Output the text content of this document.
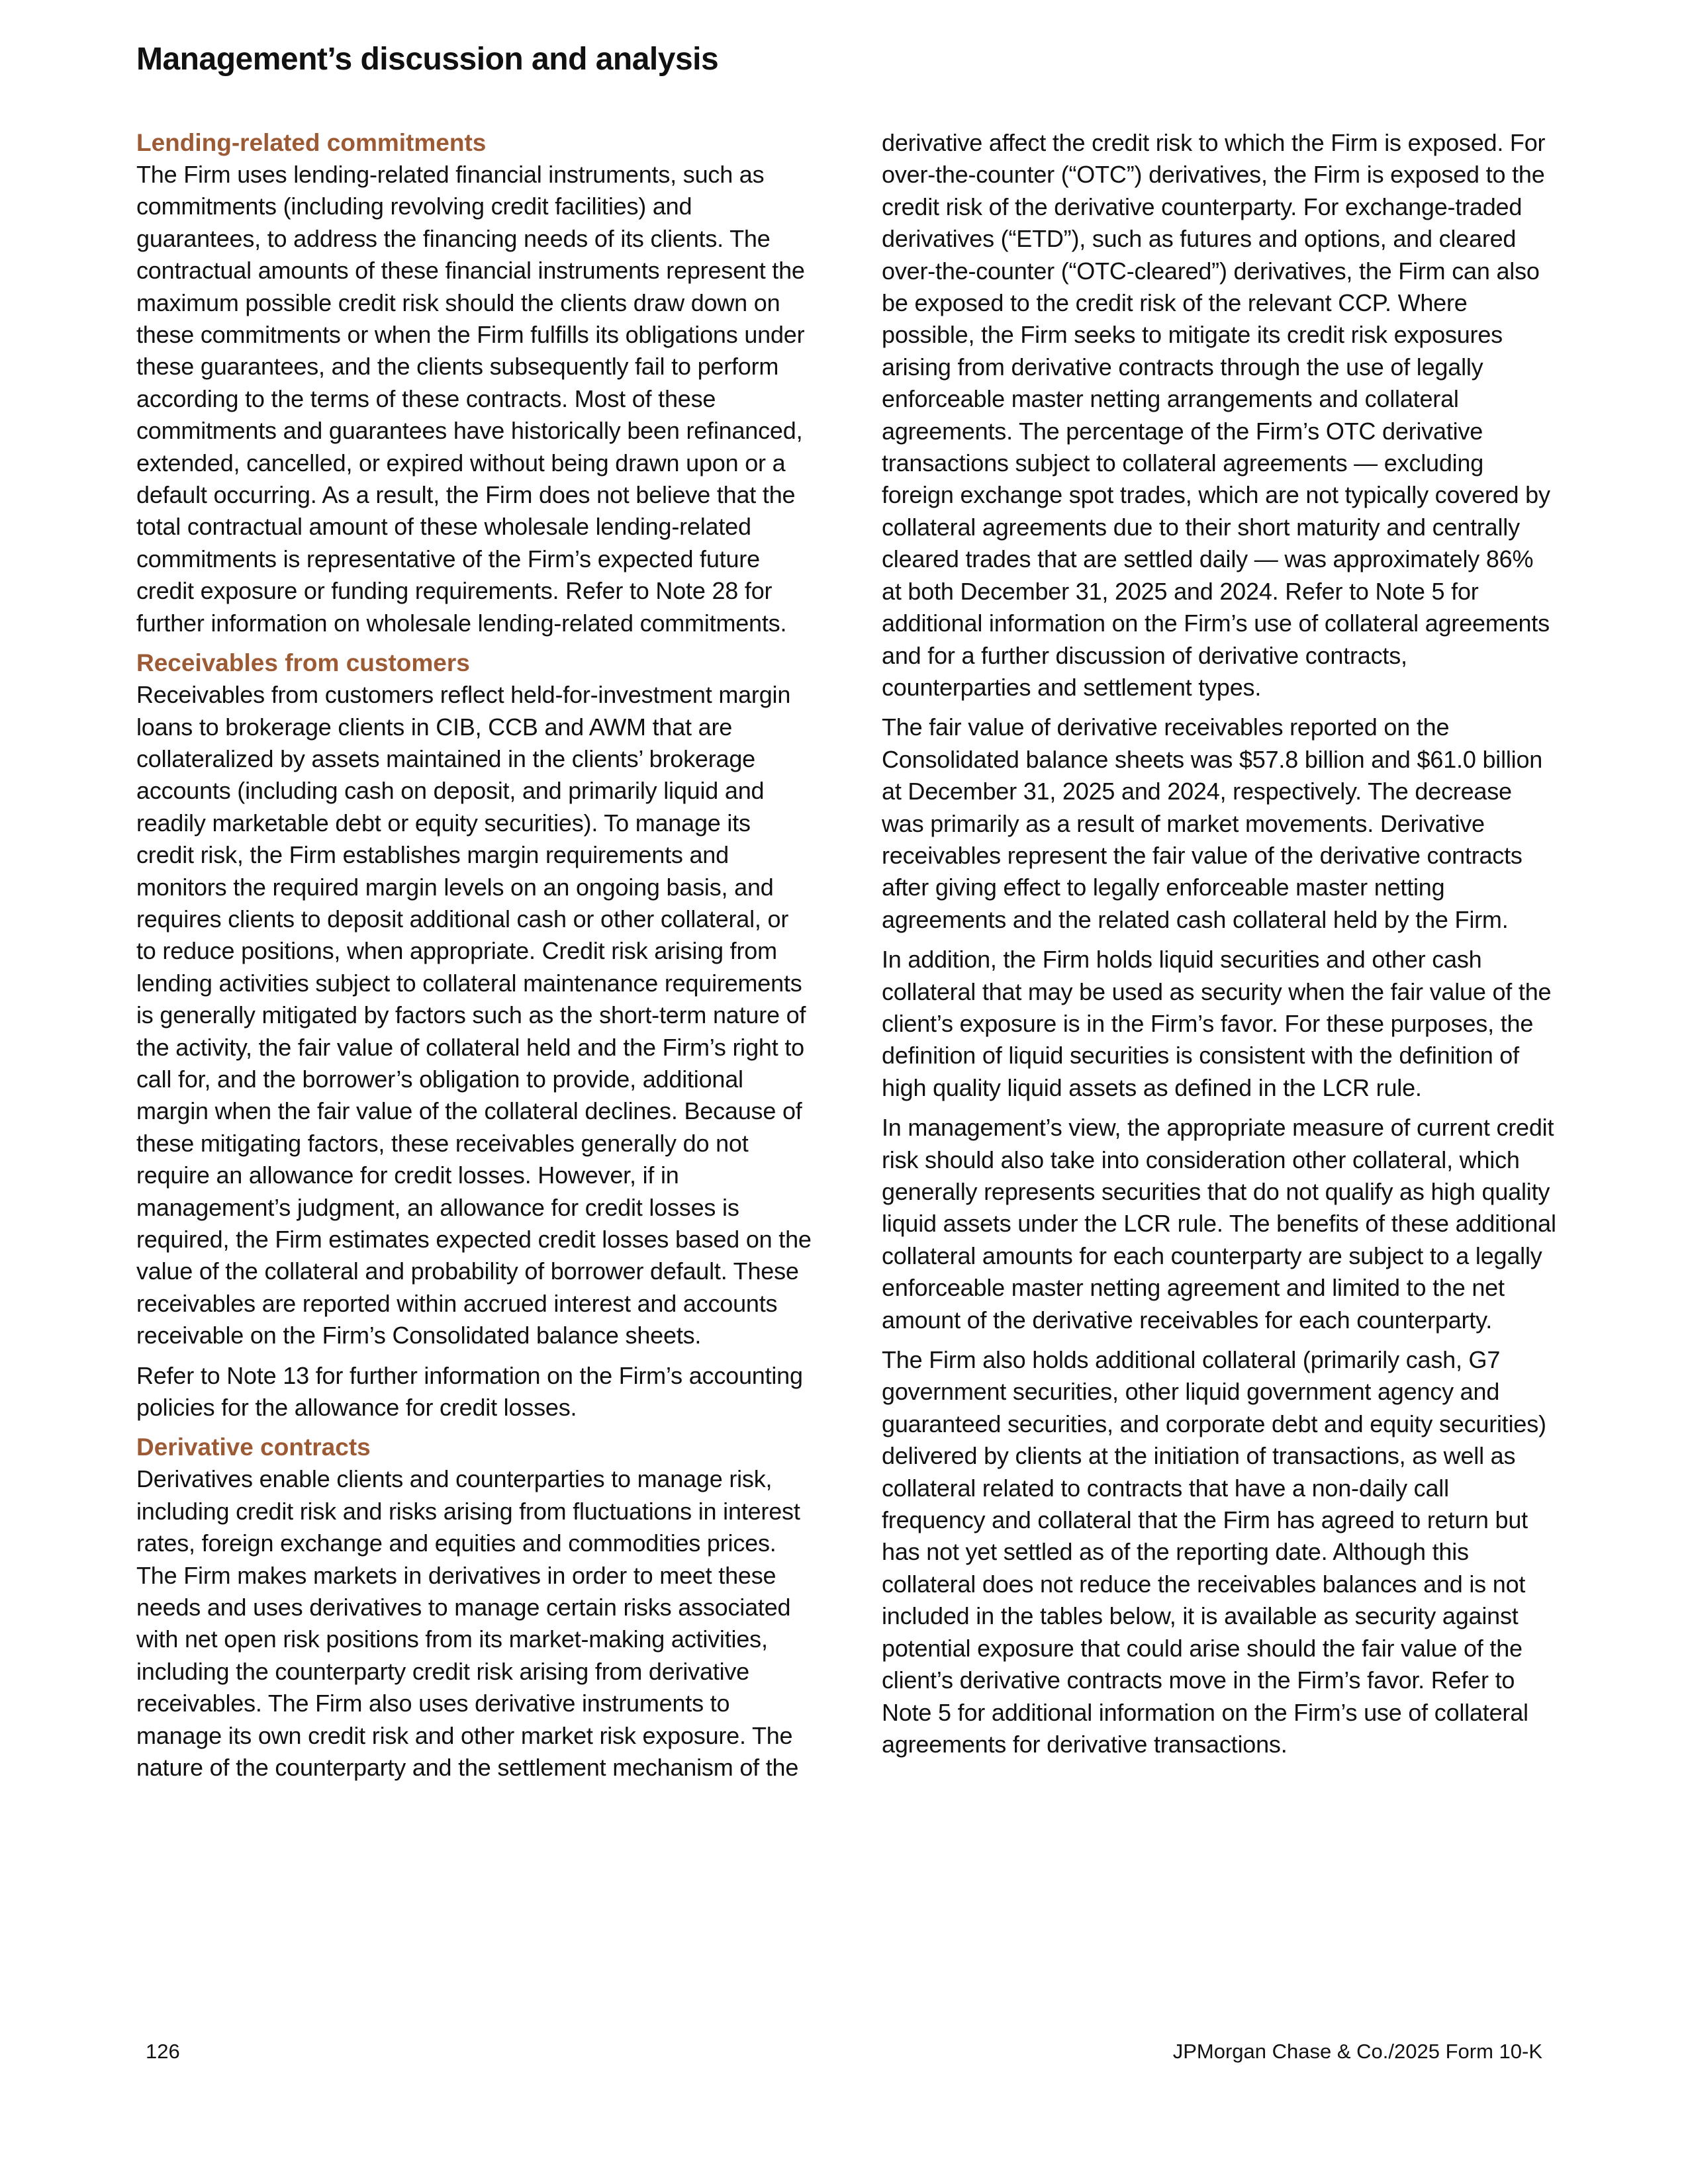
Management’s discussion and analysis
Lending-related commitments

The Firm uses lending-related financial instruments, such as commitments (including revolving credit facilities) and guarantees, to address the financing needs of its clients. The contractual amounts of these financial instruments represent the maximum possible credit risk should the clients draw down on these commitments or when the Firm fulfills its obligations under these guarantees, and the clients subsequently fail to perform according to the terms of these contracts. Most of these commitments and guarantees have historically been refinanced, extended, cancelled, or expired without being drawn upon or a default occurring. As a result, the Firm does not believe that the total contractual amount of these wholesale lending-related commitments is representative of the Firm’s expected future credit exposure or funding requirements. Refer to Note 28 for further information on wholesale lending-related commitments.

Receivables from customers

Receivables from customers reflect held-for-investment margin loans to brokerage clients in CIB, CCB and AWM that are collateralized by assets maintained in the clients’ brokerage accounts (including cash on deposit, and primarily liquid and readily marketable debt or equity securities). To manage its credit risk, the Firm establishes margin requirements and monitors the required margin levels on an ongoing basis, and requires clients to deposit additional cash or other collateral, or to reduce positions, when appropriate. Credit risk arising from lending activities subject to collateral maintenance requirements is generally mitigated by factors such as the short-term nature of the activity, the fair value of collateral held and the Firm’s right to call for, and the borrower’s obligation to provide, additional margin when the fair value of the collateral declines. Because of these mitigating factors, these receivables generally do not require an allowance for credit losses. However, if in management’s judgment, an allowance for credit losses is required, the Firm estimates expected credit losses based on the value of the collateral and probability of borrower default. These receivables are reported within accrued interest and accounts receivable on the Firm’s Consolidated balance sheets.

Refer to Note 13 for further information on the Firm’s accounting policies for the allowance for credit losses.

Derivative contracts

Derivatives enable clients and counterparties to manage risk, including credit risk and risks arising from fluctuations in interest rates, foreign exchange and equities and commodities prices. The Firm makes markets in derivatives in order to meet these needs and uses derivatives to manage certain risks associated with net open risk positions from its market-making activities, including the counterparty credit risk arising from derivative receivables. The Firm also uses derivative instruments to manage its own credit risk and other market risk exposure. The nature of the counterparty and the settlement mechanism of the

derivative affect the credit risk to which the Firm is exposed. For over-the-counter (“OTC”) derivatives, the Firm is exposed to the credit risk of the derivative counterparty. For exchange-traded derivatives (“ETD”), such as futures and options, and cleared over-the-counter (“OTC-cleared”) derivatives, the Firm can also be exposed to the credit risk of the relevant CCP. Where possible, the Firm seeks to mitigate its credit risk exposures arising from derivative contracts through the use of legally enforceable master netting arrangements and collateral agreements. The percentage of the Firm’s OTC derivative transactions subject to collateral agreements — excluding foreign exchange spot trades, which are not typically covered by collateral agreements due to their short maturity and centrally cleared trades that are settled daily — was approximately 86% at both December 31, 2025 and 2024. Refer to Note 5 for additional information on the Firm’s use of collateral agreements and for a further discussion of derivative contracts, counterparties and settlement types.

The fair value of derivative receivables reported on the Consolidated balance sheets was $57.8 billion and $61.0 billion at December 31, 2025 and 2024, respectively. The decrease was primarily as a result of market movements. Derivative receivables represent the fair value of the derivative contracts after giving effect to legally enforceable master netting agreements and the related cash collateral held by the Firm.

In addition, the Firm holds liquid securities and other cash collateral that may be used as security when the fair value of the client’s exposure is in the Firm’s favor. For these purposes, the definition of liquid securities is consistent with the definition of high quality liquid assets as defined in the LCR rule.

In management’s view, the appropriate measure of current credit risk should also take into consideration other collateral, which generally represents securities that do not qualify as high quality liquid assets under the LCR rule. The benefits of these additional collateral amounts for each counterparty are subject to a legally enforceable master netting agreement and limited to the net amount of the derivative receivables for each counterparty.

The Firm also holds additional collateral (primarily cash, G7 government securities, other liquid government agency and guaranteed securities, and corporate debt and equity securities) delivered by clients at the initiation of transactions, as well as collateral related to contracts that have a non-daily call frequency and collateral that the Firm has agreed to return but has not yet settled as of the reporting date. Although this collateral does not reduce the receivables balances and is not included in the tables below, it is available as security against potential exposure that could arise should the fair value of the client’s derivative contracts move in the Firm’s favor. Refer to Note 5 for additional information on the Firm’s use of collateral agreements for derivative transactions.

126	JPMorgan Chase & Co./2025 Form 10-K
